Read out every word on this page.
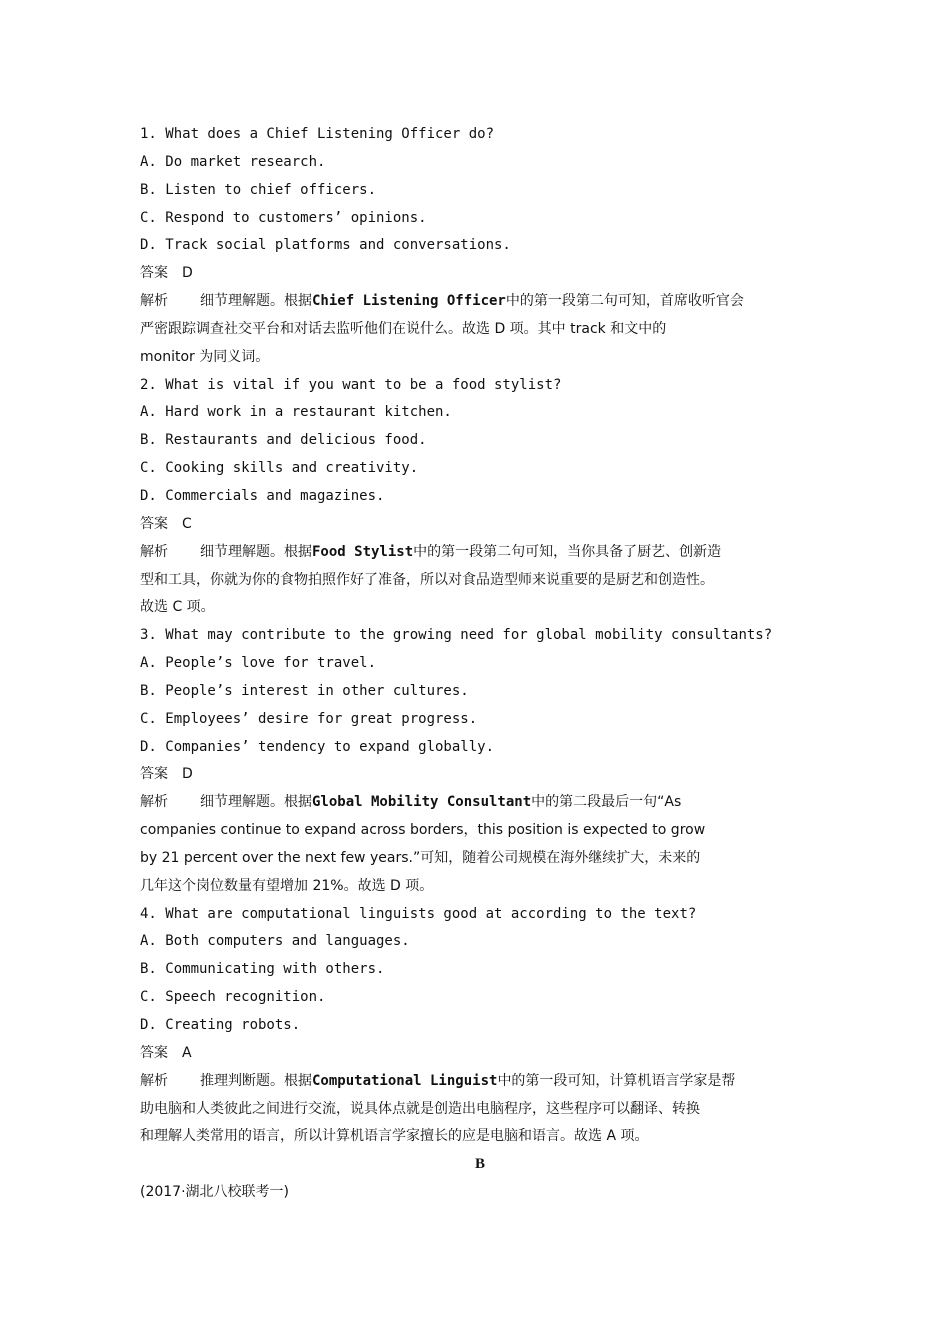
1. What does a Chief Listening Officer do?
A. Do market research.
B. Listen to chief officers.
C. Respond to customers’ opinions.
D. Track social platforms and conversations.
答案 D
解析 细节理解题。根据Chief Listening Officer中的第一段第二句可知，首席收听官会
严密跟踪调查社交平台和对话去监听他们在说什么。故选 D 项。其中 track 和文中的
monitor 为同义词。
2. What is vital if you want to be a food stylist?
A. Hard work in a restaurant kitchen.
B. Restaurants and delicious food.
C. Cooking skills and creativity.
D. Commercials and magazines.
答案 C
解析 细节理解题。根据Food Stylist中的第一段第二句可知，当你具备了厨艺、创新造
型和工具，你就为你的食物拍照作好了准备，所以对食品造型师来说重要的是厨艺和创造性。
故选 C 项。
3. What may contribute to the growing need for global mobility consultants?
A. People’s love for travel.
B. People’s interest in other cultures.
C. Employees’ desire for great progress.
D. Companies’ tendency to expand globally.
答案 D
解析 细节理解题。根据Global Mobility Consultant中的第二段最后一句“As
companies continue to expand across borders，this position is expected to grow
by 21 percent over the next few years.”可知，随着公司规模在海外继续扩大，未来的
几年这个岗位数量有望增加 21%。故选 D 项。
4. What are computational linguists good at according to the text?
A. Both computers and languages.
B. Communicating with others.
C. Speech recognition.
D. Creating robots.
答案 A
解析 推理判断题。根据Computational Linguist中的第一段可知，计算机语言学家是帮
助电脑和人类彼此之间进行交流，说具体点就是创造出电脑程序，这些程序可以翻译、转换
和理解人类常用的语言，所以计算机语言学家擅长的应是电脑和语言。故选 A 项。
B
(2017·湖北八校联考一)
